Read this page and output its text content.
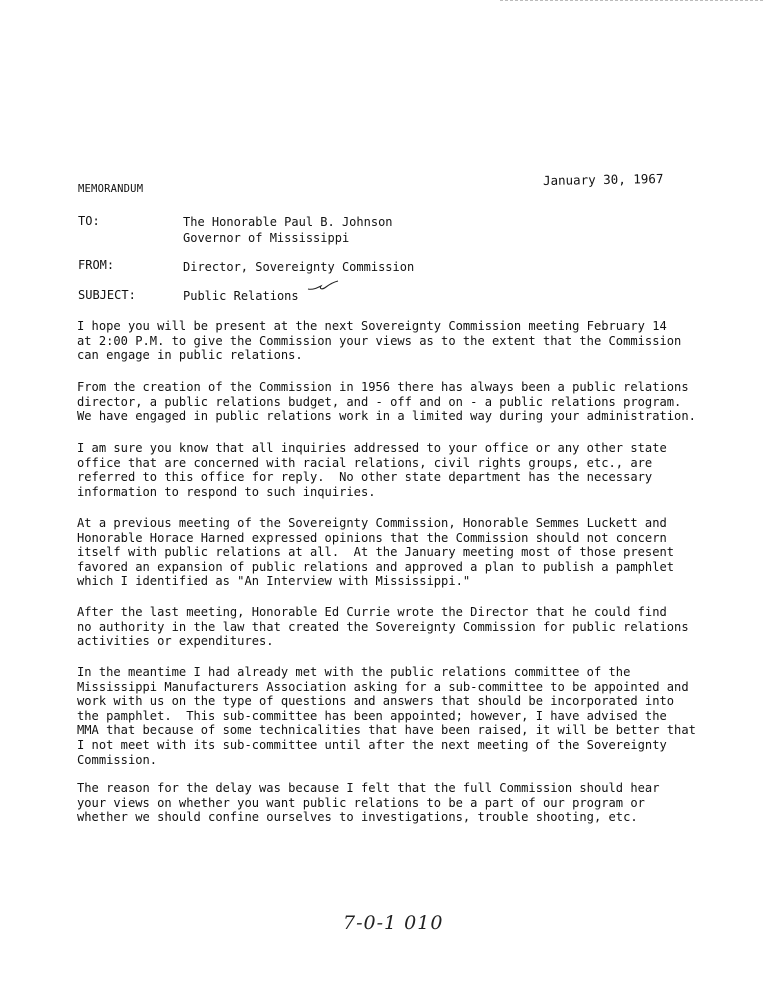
January 30, 1967
MEMORANDUM
TO:	The Honorable Paul B. Johnson
Governor of Mississippi
FROM:	Director, Sovereignty Commission
SUBJECT:	Public Relations
I hope you will be present at the next Sovereignty Commission meeting February 14
at 2:00 P.M. to give the Commission your views as to the extent that the Commission
can engage in public relations.
From the creation of the Commission in 1956 there has always been a public relations
director, a public relations budget, and - off and on - a public relations program.
We have engaged in public relations work in a limited way during your administration.
I am sure you know that all inquiries addressed to your office or any other state
office that are concerned with racial relations, civil rights groups, etc., are
referred to this office for reply.  No other state department has the necessary
information to respond to such inquiries.
At a previous meeting of the Sovereignty Commission, Honorable Semmes Luckett and
Honorable Horace Harned expressed opinions that the Commission should not concern
itself with public relations at all.  At the January meeting most of those present
favored an expansion of public relations and approved a plan to publish a pamphlet
which I identified as "An Interview with Mississippi."
After the last meeting, Honorable Ed Currie wrote the Director that he could find
no authority in the law that created the Sovereignty Commission for public relations
activities or expenditures.
In the meantime I had already met with the public relations committee of the
Mississippi Manufacturers Association asking for a sub-committee to be appointed and
work with us on the type of questions and answers that should be incorporated into
the pamphlet.  This sub-committee has been appointed; however, I have advised the
MMA that because of some technicalities that have been raised, it will be better that
I not meet with its sub-committee until after the next meeting of the Sovereignty
Commission.
The reason for the delay was because I felt that the full Commission should hear
your views on whether you want public relations to be a part of our program or
whether we should confine ourselves to investigations, trouble shooting, etc.
7-0-1 010
